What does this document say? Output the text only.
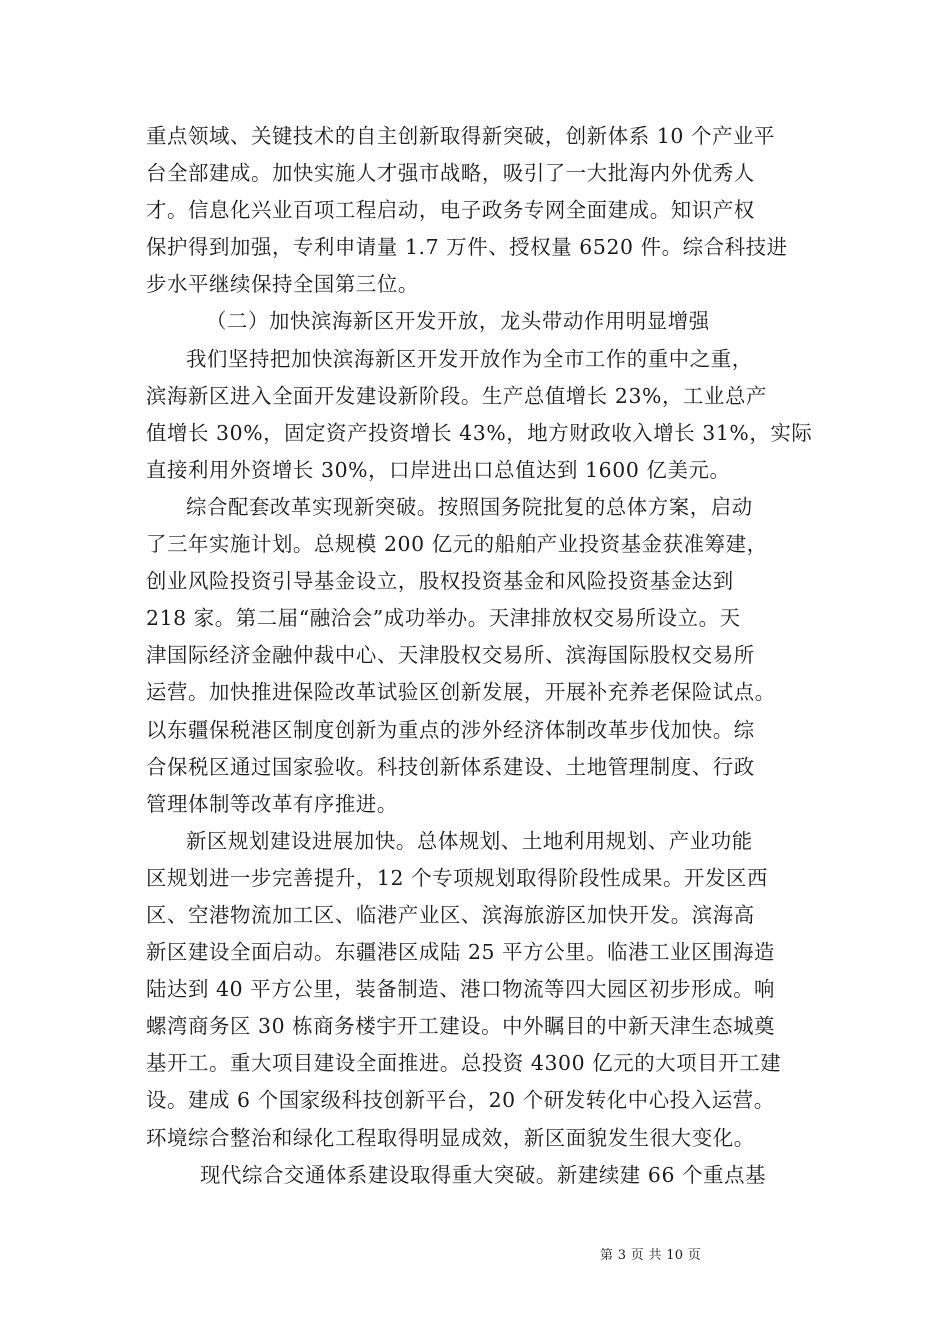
重点领域、关键技术的自主创新取得新突破，创新体系 10 个产业平
台全部建成。加快实施人才强市战略，吸引了一大批海内外优秀人
才。信息化兴业百项工程启动，电子政务专网全面建成。知识产权
保护得到加强，专利申请量 1.7 万件、授权量 6520 件。综合科技进
步水平继续保持全国第三位。
（二）加快滨海新区开发开放，龙头带动作用明显增强
我们坚持把加快滨海新区开发开放作为全市工作的重中之重，
滨海新区进入全面开发建设新阶段。生产总值增长 23%，工业总产
值增长 30%，固定资产投资增长 43%，地方财政收入增长 31%，实际
直接利用外资增长 30%，口岸进出口总值达到 1600 亿美元。
综合配套改革实现新突破。按照国务院批复的总体方案，启动
了三年实施计划。总规模 200 亿元的船舶产业投资基金获准筹建，
创业风险投资引导基金设立，股权投资基金和风险投资基金达到
218 家。第二届“融洽会”成功举办。天津排放权交易所设立。天
津国际经济金融仲裁中心、天津股权交易所、滨海国际股权交易所
运营。加快推进保险改革试验区创新发展，开展补充养老保险试点。
以东疆保税港区制度创新为重点的涉外经济体制改革步伐加快。综
合保税区通过国家验收。科技创新体系建设、土地管理制度、行政
管理体制等改革有序推进。
新区规划建设进展加快。总体规划、土地利用规划、产业功能
区规划进一步完善提升，12 个专项规划取得阶段性成果。开发区西
区、空港物流加工区、临港产业区、滨海旅游区加快开发。滨海高
新区建设全面启动。东疆港区成陆 25 平方公里。临港工业区围海造
陆达到 40 平方公里，装备制造、港口物流等四大园区初步形成。响
螺湾商务区 30 栋商务楼宇开工建设。中外瞩目的中新天津生态城奠
基开工。重大项目建设全面推进。总投资 4300 亿元的大项目开工建
设。建成 6 个国家级科技创新平台，20 个研发转化中心投入运营。
环境综合整治和绿化工程取得明显成效，新区面貌发生很大变化。
现代综合交通体系建设取得重大突破。新建续建 66 个重点基
第 3 页 共 10 页
